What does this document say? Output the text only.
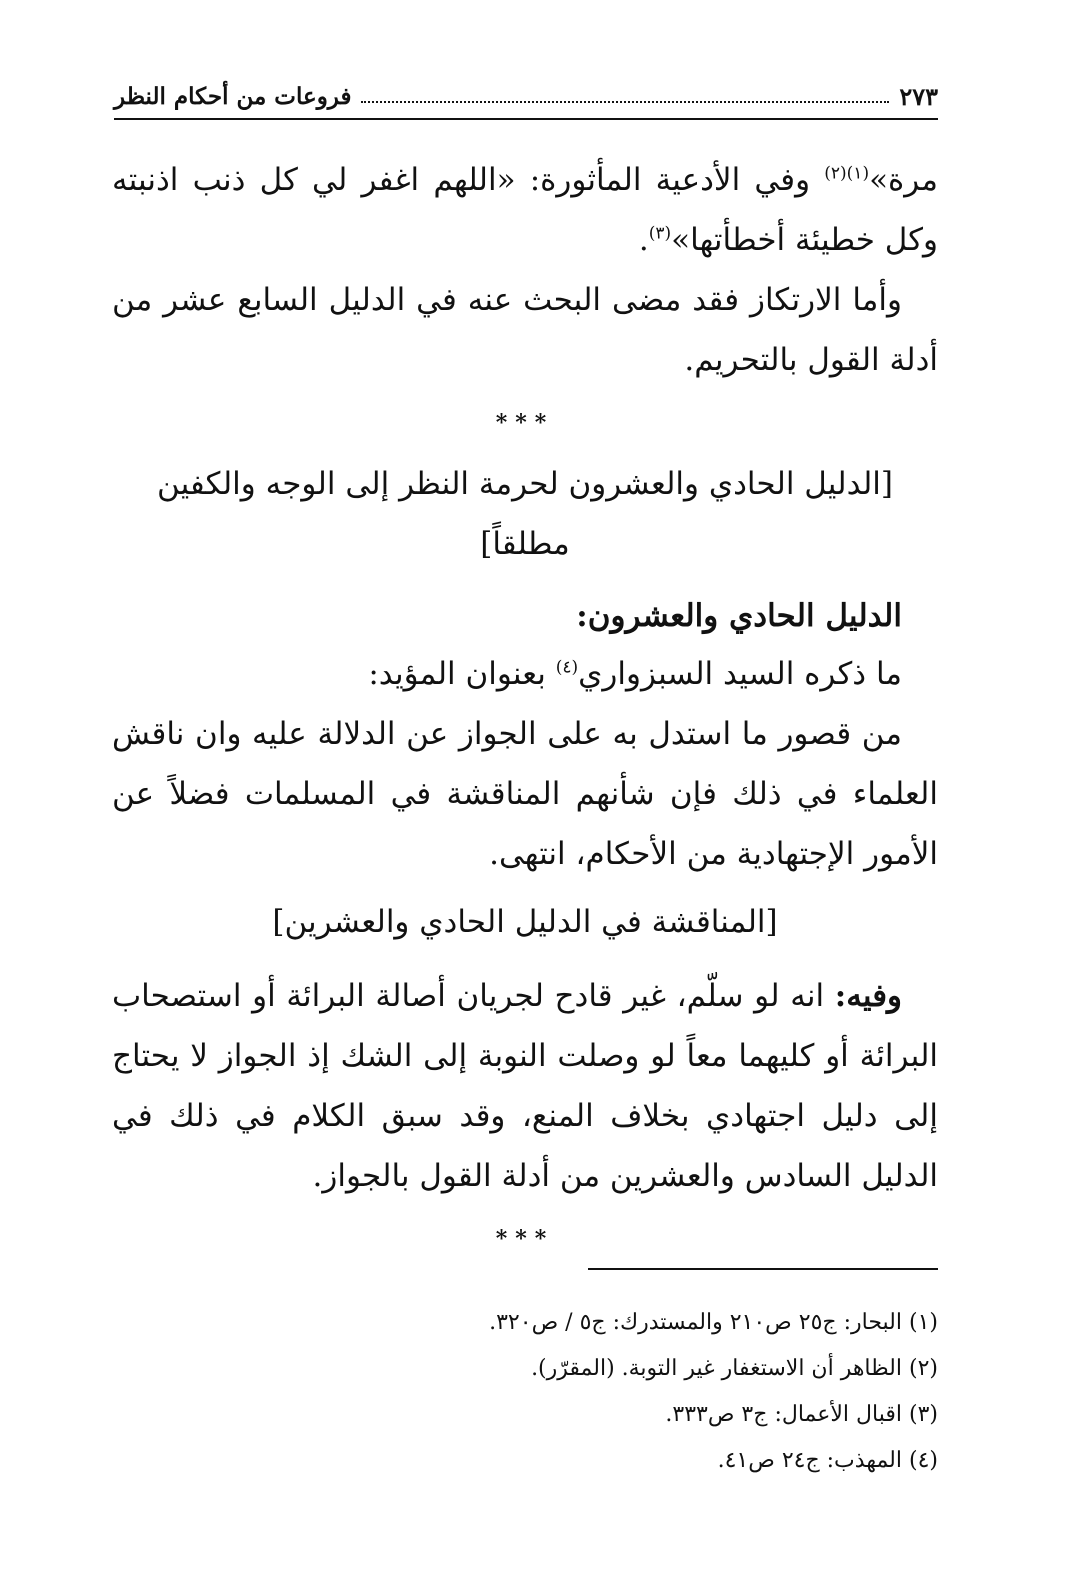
٢٧٣
فروعات من أحكام النظر

مرة»$^{(١)(٢)}$ وفي الأدعية المأثورة: «اللهم اغفر لي كل ذنب اذنبته وكل خطيئة أخطأتها»$^{(٣)}$.

وأما الارتكاز فقد مضى البحث عنه في الدليل السابع عشر من أدلة القول بالتحريم.

***
[الدليل الحادي والعشرون لحرمة النظر إلى الوجه والكفين مطلقاً]

الدليل الحادي والعشرون:

ما ذكره السيد السبزواري$^{(٤)}$ بعنوان المؤيد:

من قصور ما استدل به على الجواز عن الدلالة عليه وان ناقش العلماء في ذلك فإن شأنهم المناقشة في المسلمات فضلاً عن الأمور الإجتهادية من الأحكام، انتهى.

[المناقشة في الدليل الحادي والعشرين]

وفيه: انه لو سلّم، غير قادح لجريان أصالة البرائة أو استصحاب البرائة أو كليهما معاً لو وصلت النوبة إلى الشك إذ الجواز لا يحتاج إلى دليل اجتهادي بخلاف المنع، وقد سبق الكلام في ذلك في الدليل السادس والعشرين من أدلة القول بالجواز.

***

(١) البحار: ج٢٥ ص٢١٠ والمستدرك: ج٥ / ص٣٢٠.

(٢) الظاهر أن الاستغفار غير التوبة. (المقرّر).

(٣) اقبال الأعمال: ج٣ ص٣٣٣.

(٤) المهذب: ج٢٤ ص٤١.
